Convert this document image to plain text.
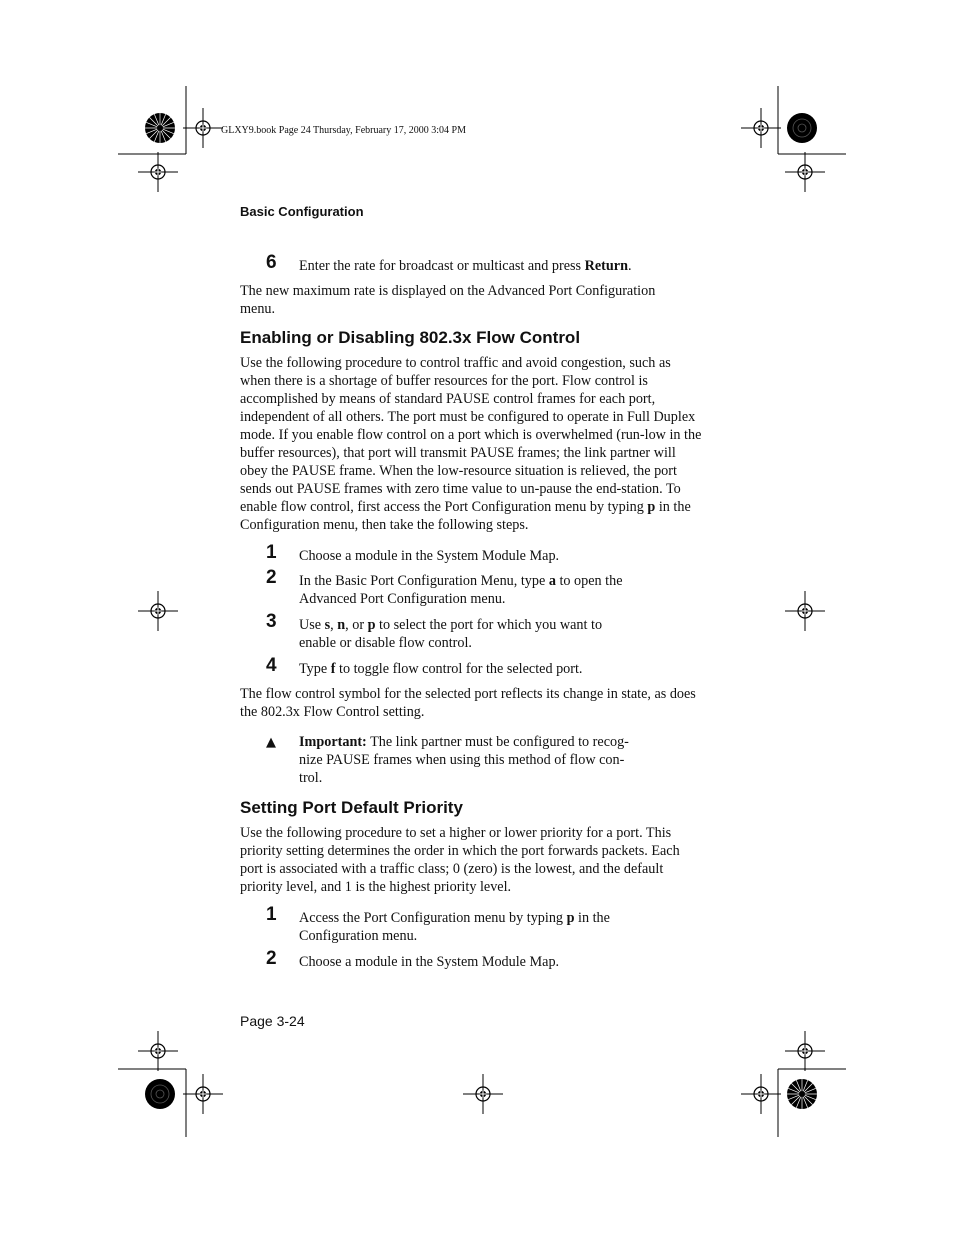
GLXY9.book Page 24 Thursday, February 17, 2000 3:04 PM
Basic Configuration
6 Enter the rate for broadcast or multicast and press Return.
The new maximum rate is displayed on the Advanced Port Configuration menu.
Enabling or Disabling 802.3x Flow Control
Use the following procedure to control traffic and avoid congestion, such as when there is a shortage of buffer resources for the port. Flow control is accomplished by means of standard PAUSE control frames for each port, independent of all others. The port must be configured to operate in Full Duplex mode. If you enable flow control on a port which is overwhelmed (run-low in the buffer resources), that port will transmit PAUSE frames; the link partner will obey the PAUSE frame. When the low-resource situation is relieved, the port sends out PAUSE frames with zero time value to un-pause the end-station. To enable flow control, first access the Port Configuration menu by typing p in the Configuration menu, then take the following steps.
1 Choose a module in the System Module Map.
2 In the Basic Port Configuration Menu, type a to open the Advanced Port Configuration menu.
3 Use s, n, or p to select the port for which you want to enable or disable flow control.
4 Type f to toggle flow control for the selected port.
The flow control symbol for the selected port reflects its change in state, as does the 802.3x Flow Control setting.
▲ Important: The link partner must be configured to recog-nize PAUSE frames when using this method of flow con-trol.
Setting Port Default Priority
Use the following procedure to set a higher or lower priority for a port. This priority setting determines the order in which the port forwards packets. Each port is associated with a traffic class; 0 (zero) is the lowest, and the default priority level, and 1 is the highest priority level.
1 Access the Port Configuration menu by typing p in the Configuration menu.
2 Choose a module in the System Module Map.
Page 3-24
